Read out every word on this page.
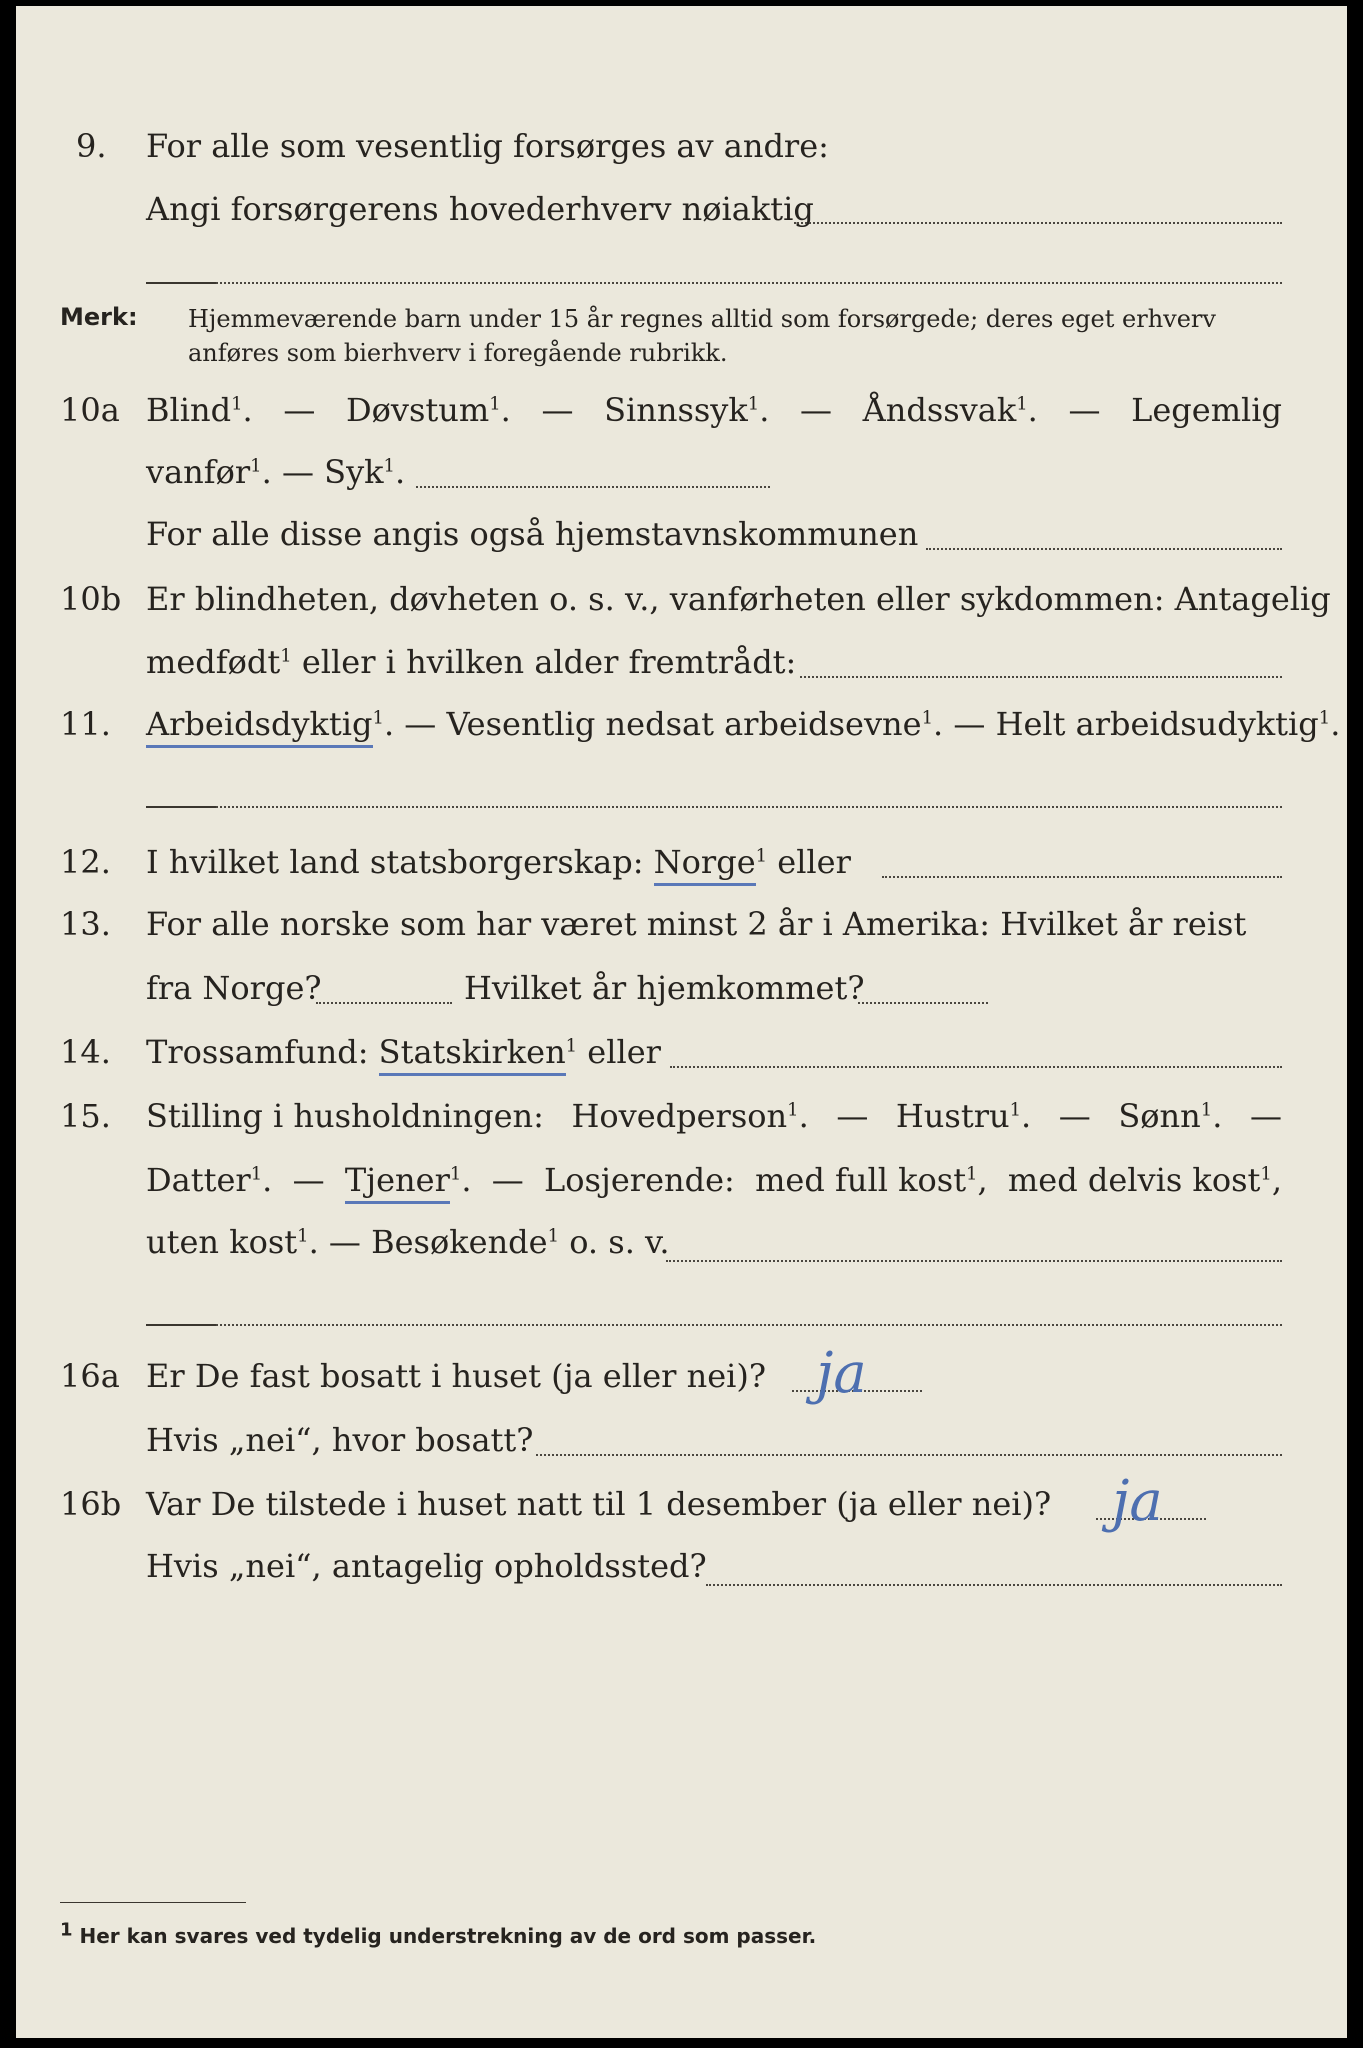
9. For alle som vesentlig forsørges av andre:
Angi forsørgerens hovederhverv nøiaktig
Merk: Hjemmeværende barn under 15 år regnes alltid som forsørgede; deres eget erhverv
anføres som bierhverv i foregående rubrikk.
10a Blind$^1$. — Døvstum$^1$. — Sinnssyk$^1$. — Åndssvak$^1$. — Legemlig
vanfør$^1$. — Syk$^1$.
For alle disse angis også hjemstavnskommunen
10b Er blindheten, døvheten o. s. v., vanførheten eller sykdommen: Antagelig
medfødt$^1$ eller i hvilken alder fremtrådt:
11. Arbeidsdyktig$^1$. — Vesentlig nedsat arbeidsevne$^1$. — Helt arbeidsudyktig$^1$.
12. I hvilket land statsborgerskap: Norge$^1$ eller
13. For alle norske som har været minst 2 år i Amerika: Hvilket år reist
fra Norge?	Hvilket år hjemkommet?
14. Trossamfund: Statskirken$^1$ eller
15. Stilling i husholdningen: Hovedperson$^1$. — Hustru$^1$. — Sønn$^1$. —
Datter$^1$. — Tjener$^1$. — Losjerende: med full kost$^1$, med delvis kost$^1$,
uten kost$^1$. — Besøkende$^1$ o. s. v.
16a Er De fast bosatt i huset (ja eller nei)? ja
Hvis „nei“, hvor bosatt?
16b Var De tilstede i huset natt til 1 desember (ja eller nei)? ja
Hvis „nei“, antagelig opholdssted?
1 Her kan svares ved tydelig understrekning av de ord som passer.
